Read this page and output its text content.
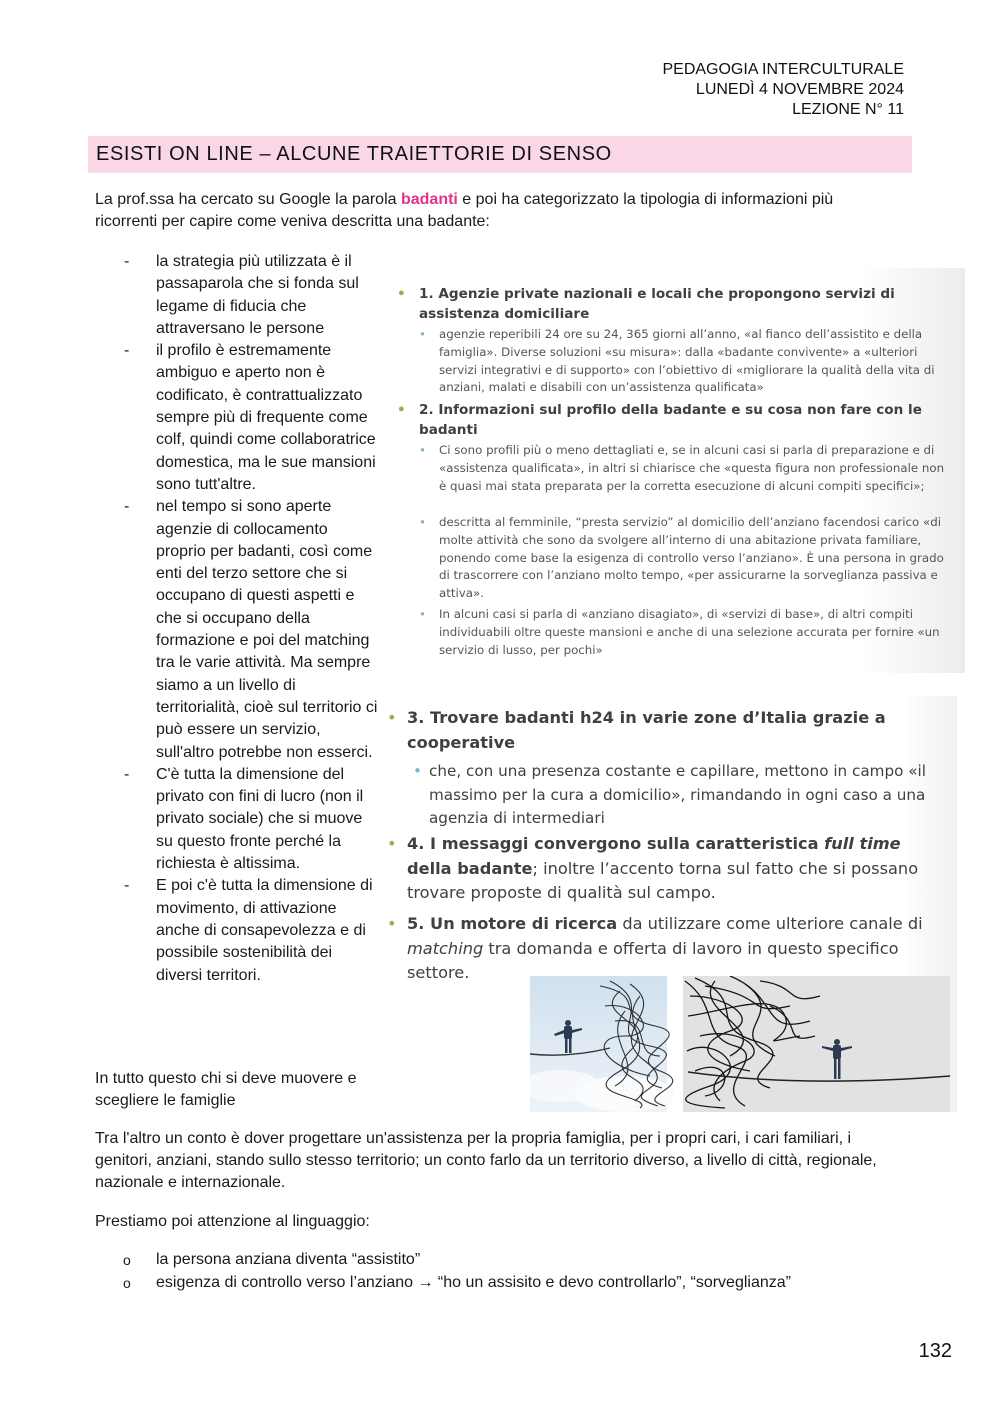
PEDAGOGIA INTERCULTURALE
LUNEDÌ 4 NOVEMBRE 2024
LEZIONE N° 11
ESISTI ON LINE – ALCUNE TRAIETTORIE DI SENSO
La prof.ssa ha cercato su Google la parola badanti e poi ha categorizzato la tipologia di informazioni più ricorrenti per capire come veniva descritta una badante:
- la strategia più utilizzata è il passaparola che si fonda sul legame di fiducia che attraversano le persone
- il profilo è estremamente ambiguo e aperto non è codificato, è contrattualizzato sempre più di frequente come colf, quindi come collaboratrice domestica, ma le sue mansioni sono tutt'altre.
- nel tempo si sono aperte agenzie di collocamento proprio per badanti, così come enti del terzo settore che si occupano di questi aspetti e che si occupano della formazione e poi del matching tra le varie attività. Ma sempre siamo a un livello di territorialità, cioè sul territorio ci può essere un servizio, sull'altro potrebbe non esserci.
- C'è tutta la dimensione del privato con fini di lucro (non il privato sociale) che si muove su questo fronte perché la richiesta è altissima.
- E poi c'è tutta la dimensione di movimento, di attivazione anche di consapevolezza e di possibile sostenibilità dei diversi territori.
In tutto questo chi si deve muovere e scegliere le famiglie
• 1. Agenzie private nazionali e locali che propongono servizi di assistenza domiciliare
•	agenzie reperibili 24 ore su 24, 365 giorni all’anno, «al fianco dell’assistito e della famiglia». Diverse soluzioni «su misura»: dalla «badante convivente» a «ulteriori servizi integrativi e di supporto» con l’obiettivo di «migliorare la qualità della vita di anziani, malati e disabili con un’assistenza qualificata»
• 2. Informazioni sul profilo della badante e su cosa non fare con le badanti
•	Ci sono profili più o meno dettagliati e, se in alcuni casi si parla di preparazione e di «assistenza qualificata», in altri si chiarisce che «questa figura non professionale non è quasi mai stata preparata per la corretta esecuzione di alcuni compiti specifici»;
•	descritta al femminile, “presta servizio” al domicilio dell’anziano facendosi carico «di molte attività che sono da svolgere all’interno di una abitazione privata familiare, ponendo come base la esigenza di controllo verso l’anziano». È una persona in grado di trascorrere con l’anziano molto tempo, «per assicurarne la sorveglianza passiva e attiva».
•	In alcuni casi si parla di «anziano disagiato», di «servizi di base», di altri compiti individuabili oltre queste mansioni e anche di una selezione accurata per fornire «un servizio di lusso, per pochi»
• 3. Trovare badanti h24 in varie zone d’Italia grazie a cooperative
• che, con una presenza costante e capillare, mettono in campo «il massimo per la cura a domicilio», rimandando in ogni caso a una agenzia di intermediari
• 4. I messaggi convergono sulla caratteristica full time della badante; inoltre l’accento torna sul fatto che si possano trovare proposte di qualità sul campo.
• 5. Un motore di ricerca da utilizzare come ulteriore canale di matching tra domanda e offerta di lavoro in questo specifico settore.
Tra l'altro un conto è dover progettare un'assistenza per la propria famiglia, per i propri cari, i cari familiari, i genitori, anziani, stando sullo stesso territorio; un conto farlo da un territorio diverso, a livello di città, regionale, nazionale e internazionale.
Prestiamo poi attenzione al linguaggio:
o la persona anziana diventa “assistito”
o esigenza di controllo verso l’anziano → “ho un assisito e devo controllarlo”, “sorveglianza”
132
